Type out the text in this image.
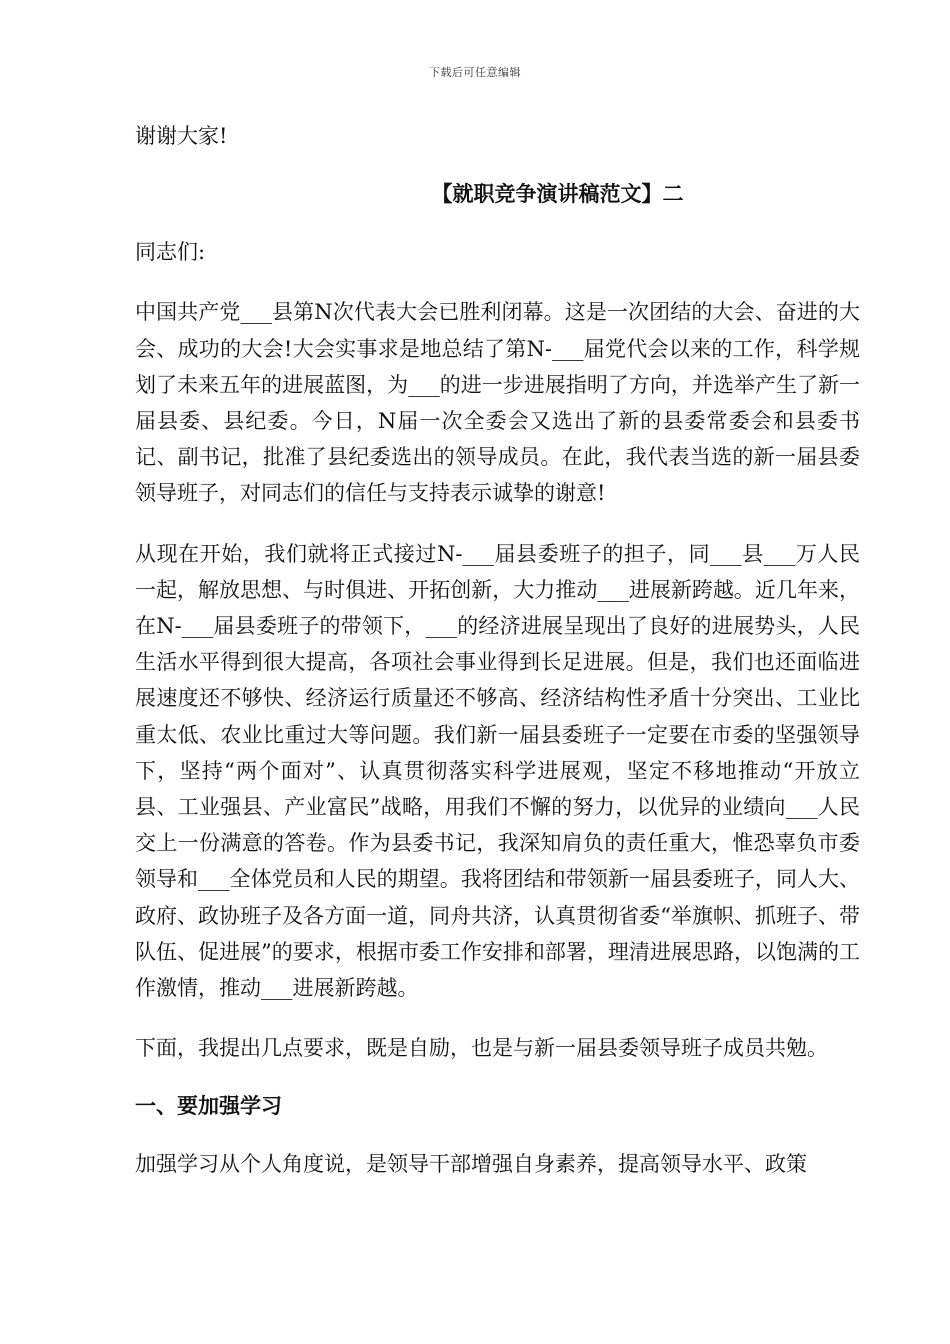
下载后可任意编辑

谢谢大家!

【就职竞争演讲稿范文】二

同志们:

中国共产党___县第N次代表大会已胜利闭幕。这是一次团结的大会、奋进的大会、成功的大会!大会实事求是地总结了第N-___届党代会以来的工作，科学规划了未来五年的进展蓝图，为___的进一步进展指明了方向，并选举产生了新一届县委、县纪委。今日，N届一次全委会又选出了新的县委常委会和县委书记、副书记，批准了县纪委选出的领导成员。在此，我代表当选的新一届县委领导班子，对同志们的信任与支持表示诚挚的谢意!

从现在开始，我们就将正式接过N-___届县委班子的担子，同___县___万人民一起，解放思想、与时俱进、开拓创新，大力推动___进展新跨越。近几年来，在N-___届县委班子的带领下，___的经济进展呈现出了良好的进展势头，人民生活水平得到很大提高，各项社会事业得到长足进展。但是，我们也还面临进展速度还不够快、经济运行质量还不够高、经济结构性矛盾十分突出、工业比重太低、农业比重过大等问题。我们新一届县委班子一定要在市委的坚强领导下，坚持“两个面对”、认真贯彻落实科学进展观，坚定不移地推动“开放立县、工业强县、产业富民”战略，用我们不懈的努力，以优异的业绩向___人民交上一份满意的答卷。作为县委书记，我深知肩负的责任重大，惟恐辜负市委领导和___全体党员和人民的期望。我将团结和带领新一届县委班子，同人大、政府、政协班子及各方面一道，同舟共济，认真贯彻省委“举旗帜、抓班子、带队伍、促进展”的要求，根据市委工作安排和部署，理清进展思路，以饱满的工作激情，推动___进展新跨越。

下面，我提出几点要求，既是自励，也是与新一届县委领导班子成员共勉。

一、要加强学习

加强学习从个人角度说，是领导干部增强自身素养，提高领导水平、政策
